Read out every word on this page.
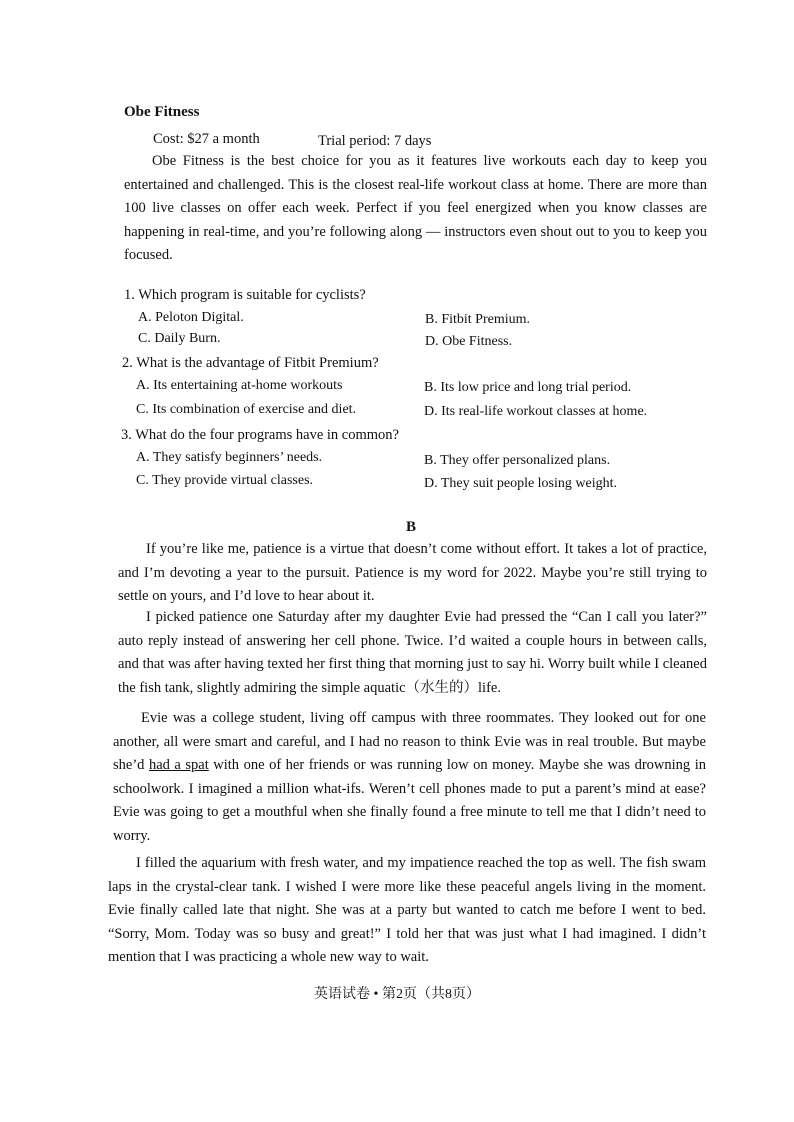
Obe Fitness
Cost: $27 a month	Trial period: 7 days
Obe Fitness is the best choice for you as it features live workouts each day to keep you entertained and challenged. This is the closest real-life workout class at home. There are more than 100 live classes on offer each week. Perfect if you feel energized when you know classes are happening in real-time, and you’re following along — instructors even shout out to you to keep you focused.
1. Which program is suitable for cyclists?
A. Peloton Digital.	B. Fitbit Premium.
C. Daily Burn.	D. Obe Fitness.
2. What is the advantage of Fitbit Premium?
A. Its entertaining at-home workouts	B. Its low price and long trial period.
C. Its combination of exercise and diet.	D. Its real-life workout classes at home.
3. What do the four programs have in common?
A. They satisfy beginners’ needs.	B. They offer personalized plans.
C. They provide virtual classes.	D. They suit people losing weight.
B
If you’re like me, patience is a virtue that doesn’t come without effort. It takes a lot of practice, and I’m devoting a year to the pursuit. Patience is my word for 2022. Maybe you’re still trying to settle on yours, and I’d love to hear about it.
I picked patience one Saturday after my daughter Evie had pressed the “Can I call you later?” auto reply instead of answering her cell phone. Twice. I’d waited a couple hours in between calls, and that was after having texted her first thing that morning just to say hi. Worry built while I cleaned the fish tank, slightly admiring the simple aquatic（水生的）life.
Evie was a college student, living off campus with three roommates. They looked out for one another, all were smart and careful, and I had no reason to think Evie was in real trouble. But maybe she’d had a spat with one of her friends or was running low on money. Maybe she was drowning in schoolwork. I imagined a million what-ifs. Weren’t cell phones made to put a parent’s mind at ease? Evie was going to get a mouthful when she finally found a free minute to tell me that I didn’t need to worry.
I filled the aquarium with fresh water, and my impatience reached the top as well. The fish swam laps in the crystal-clear tank. I wished I were more like these peaceful angels living in the moment. Evie finally called late that night. She was at a party but wanted to catch me before I went to bed. “Sorry, Mom. Today was so busy and great!” I told her that was just what I had imagined. I didn’t mention that I was practicing a whole new way to wait.
英语试卷 • 第2页（共8页）
